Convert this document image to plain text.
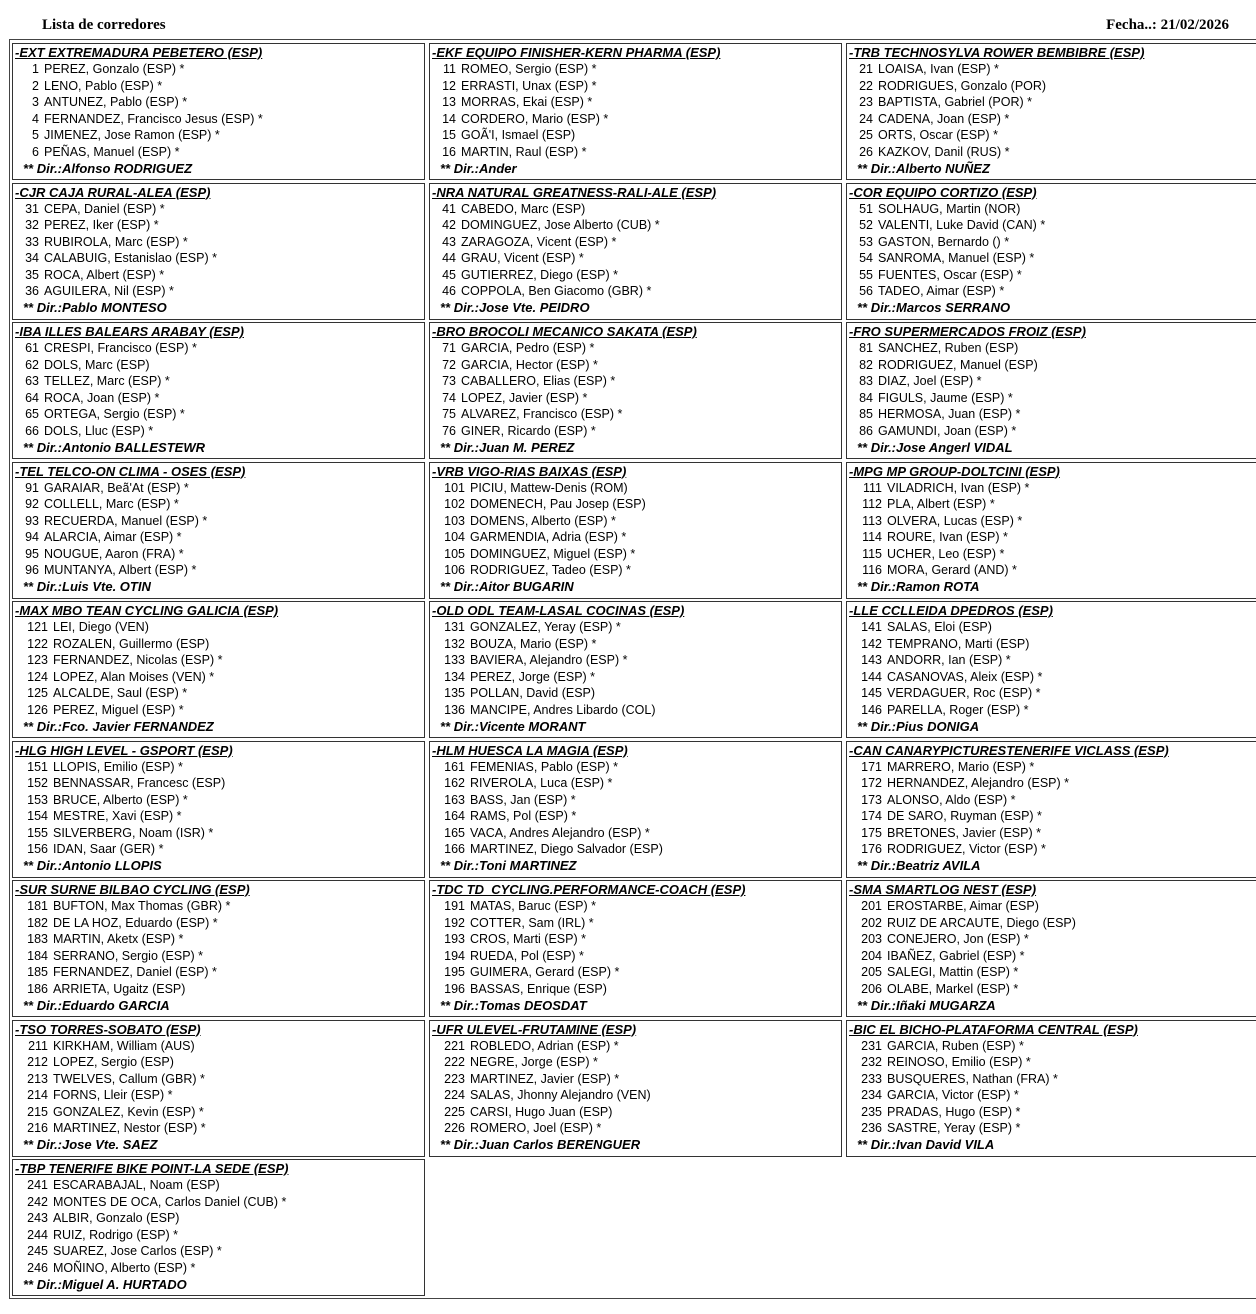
Lista de corredores	Fecha..: 21/02/2026
-EXT EXTREMADURA PEBETERO (ESP)
1 PEREZ, Gonzalo (ESP) *
2 LENO, Pablo (ESP) *
3 ANTUNEZ, Pablo (ESP) *
4 FERNANDEZ, Francisco Jesus (ESP) *
5 JIMENEZ, Jose Ramon (ESP) *
6 PEÑAS, Manuel (ESP) *
** Dir.:Alfonso RODRIGUEZ
-EKF EQUIPO FINISHER-KERN PHARMA (ESP)
11 ROMEO, Sergio (ESP) *
12 ERRASTI, Unax (ESP) *
13 MORRAS, Ekai (ESP) *
14 CORDERO, Mario (ESP) *
15 GOÃ'I, Ismael (ESP)
16 MARTIN, Raul (ESP) *
** Dir.:Ander
-TRB TECHNOSYLVA ROWER BEMBIBRE (ESP)
21 LOAISA, Ivan (ESP) *
22 RODRIGUES, Gonzalo (POR)
23 BAPTISTA, Gabriel (POR) *
24 CADENA, Joan (ESP) *
25 ORTS, Oscar (ESP) *
26 KAZKOV, Danil (RUS) *
** Dir.:Alberto NUÑEZ
-CJR CAJA RURAL-ALEA (ESP)
31 CEPA, Daniel (ESP) *
32 PEREZ, Iker (ESP) *
33 RUBIROLA, Marc (ESP) *
34 CALABUIG, Estanislao (ESP) *
35 ROCA, Albert (ESP) *
36 AGUILERA, Nil (ESP) *
** Dir.:Pablo MONTESO
-NRA NATURAL GREATNESS-RALI-ALE (ESP)
41 CABEDO, Marc (ESP)
42 DOMINGUEZ, Jose Alberto (CUB) *
43 ZARAGOZA, Vicent (ESP) *
44 GRAU, Vicent (ESP) *
45 GUTIERREZ, Diego (ESP) *
46 COPPOLA, Ben Giacomo (GBR) *
** Dir.:Jose Vte. PEIDRO
-COR EQUIPO CORTIZO (ESP)
51 SOLHAUG, Martin (NOR)
52 VALENTI, Luke David (CAN) *
53 GASTON, Bernardo () *
54 SANROMA, Manuel (ESP) *
55 FUENTES, Oscar (ESP) *
56 TADEO, Aimar (ESP) *
** Dir.:Marcos SERRANO
-IBA ILLES BALEARS ARABAY (ESP)
61 CRESPI, Francisco (ESP) *
62 DOLS, Marc (ESP)
63 TELLEZ, Marc (ESP) *
64 ROCA, Joan (ESP) *
65 ORTEGA, Sergio (ESP) *
66 DOLS, Lluc (ESP) *
** Dir.:Antonio BALLESTEWR
-BRO BROCOLI MECANICO SAKATA (ESP)
71 GARCIA, Pedro (ESP) *
72 GARCIA, Hector (ESP) *
73 CABALLERO, Elias (ESP) *
74 LOPEZ, Javier (ESP) *
75 ALVAREZ, Francisco (ESP) *
76 GINER, Ricardo (ESP) *
** Dir.:Juan M. PEREZ
-FRO SUPERMERCADOS FROIZ (ESP)
81 SANCHEZ, Ruben (ESP)
82 RODRIGUEZ, Manuel (ESP)
83 DIAZ, Joel (ESP) *
84 FIGULS, Jaume (ESP) *
85 HERMOSA, Juan (ESP) *
86 GAMUNDI, Joan (ESP) *
** Dir.:Jose Angerl VIDAL
-TEL TELCO-ON CLIMA - OSES (ESP)
91 GARAIAR, Beã'At (ESP) *
92 COLLELL, Marc (ESP) *
93 RECUERDA, Manuel (ESP) *
94 ALARCIA, Aimar (ESP) *
95 NOUGUE, Aaron (FRA) *
96 MUNTANYA, Albert (ESP) *
** Dir.:Luis Vte. OTIN
-VRB VIGO-RIAS BAIXAS (ESP)
101 PICIU, Mattew-Denis (ROM)
102 DOMENECH, Pau Josep (ESP)
103 DOMENS, Alberto (ESP) *
104 GARMENDIA, Adria (ESP) *
105 DOMINGUEZ, Miguel (ESP) *
106 RODRIGUEZ, Tadeo (ESP) *
** Dir.:Aitor BUGARIN
-MPG MP GROUP-DOLTCINI (ESP)
111 VILADRICH, Ivan (ESP) *
112 PLA, Albert (ESP) *
113 OLVERA, Lucas (ESP) *
114 ROURE, Ivan (ESP) *
115 UCHER, Leo (ESP) *
116 MORA, Gerard (AND) *
** Dir.:Ramon ROTA
-MAX MBO TEAN CYCLING GALICIA (ESP)
121 LEI, Diego (VEN)
122 ROZALEN, Guillermo (ESP)
123 FERNANDEZ, Nicolas (ESP) *
124 LOPEZ, Alan Moises (VEN) *
125 ALCALDE, Saul (ESP) *
126 PEREZ, Miguel (ESP) *
** Dir.:Fco. Javier FERNANDEZ
-OLD ODL TEAM-LASAL COCINAS (ESP)
131 GONZALEZ, Yeray (ESP) *
132 BOUZA, Mario (ESP) *
133 BAVIERA, Alejandro (ESP) *
134 PEREZ, Jorge (ESP) *
135 POLLAN, David (ESP)
136 MANCIPE, Andres Libardo (COL)
** Dir.:Vicente MORANT
-LLE CCLLEIDA DPEDROS (ESP)
141 SALAS, Eloi (ESP)
142 TEMPRANO, Marti (ESP)
143 ANDORR, Ian (ESP) *
144 CASANOVAS, Aleix (ESP) *
145 VERDAGUER, Roc (ESP) *
146 PARELLA, Roger (ESP) *
** Dir.:Pius DONIGA
-HLG HIGH LEVEL - GSPORT (ESP)
151 LLOPIS, Emilio (ESP) *
152 BENNASSAR, Francesc (ESP)
153 BRUCE, Alberto (ESP) *
154 MESTRE, Xavi (ESP) *
155 SILVERBERG, Noam (ISR) *
156 IDAN, Saar (GER) *
** Dir.:Antonio LLOPIS
-HLM HUESCA LA MAGIA (ESP)
161 FEMENIAS, Pablo (ESP) *
162 RIVEROLA, Luca (ESP) *
163 BASS, Jan (ESP) *
164 RAMS, Pol (ESP) *
165 VACA, Andres Alejandro (ESP) *
166 MARTINEZ, Diego Salvador (ESP)
** Dir.:Toni MARTINEZ
-CAN CANARYPICTURESTENERIFE VICLASS (ESP)
171 MARRERO, Mario (ESP) *
172 HERNANDEZ, Alejandro (ESP) *
173 ALONSO, Aldo (ESP) *
174 DE SARO, Ruyman (ESP) *
175 BRETONES, Javier (ESP) *
176 RODRIGUEZ, Victor (ESP) *
** Dir.:Beatriz AVILA
-SUR SURNE BILBAO CYCLING (ESP)
181 BUFTON, Max Thomas (GBR) *
182 DE LA HOZ, Eduardo (ESP) *
183 MARTIN, Aketx (ESP) *
184 SERRANO, Sergio (ESP) *
185 FERNANDEZ, Daniel (ESP) *
186 ARRIETA, Ugaitz (ESP)
** Dir.:Eduardo GARCIA
-TDC TD_CYCLING.PERFORMANCE-COACH (ESP)
191 MATAS, Baruc (ESP) *
192 COTTER, Sam (IRL) *
193 CROS, Marti (ESP) *
194 RUEDA, Pol (ESP) *
195 GUIMERA, Gerard (ESP) *
196 BASSAS, Enrique (ESP)
** Dir.:Tomas DEOSDAT
-SMA SMARTLOG NEST (ESP)
201 EROSTARBE, Aimar (ESP)
202 RUIZ DE ARCAUTE, Diego (ESP)
203 CONEJERO, Jon (ESP) *
204 IBAÑEZ, Gabriel (ESP) *
205 SALEGI, Mattin (ESP) *
206 OLABE, Markel (ESP) *
** Dir.:Iñaki MUGARZA
-TSO TORRES-SOBATO (ESP)
211 KIRKHAM, William (AUS)
212 LOPEZ, Sergio (ESP)
213 TWELVES, Callum (GBR) *
214 FORNS, Lleir (ESP) *
215 GONZALEZ, Kevin (ESP) *
216 MARTINEZ, Nestor (ESP) *
** Dir.:Jose Vte. SAEZ
-UFR ULEVEL-FRUTAMINE (ESP)
221 ROBLEDO, Adrian (ESP) *
222 NEGRE, Jorge (ESP) *
223 MARTINEZ, Javier (ESP) *
224 SALAS, Jhonny Alejandro (VEN)
225 CARSI, Hugo Juan (ESP)
226 ROMERO, Joel (ESP) *
** Dir.:Juan Carlos BERENGUER
-BIC EL BICHO-PLATAFORMA CENTRAL (ESP)
231 GARCIA, Ruben (ESP) *
232 REINOSO, Emilio (ESP) *
233 BUSQUERES, Nathan (FRA) *
234 GARCIA, Victor (ESP) *
235 PRADAS, Hugo (ESP) *
236 SASTRE, Yeray (ESP) *
** Dir.:Ivan David VILA
-TBP TENERIFE BIKE POINT-LA SEDE (ESP)
241 ESCARABAJAL, Noam (ESP)
242 MONTES DE OCA, Carlos Daniel (CUB) *
243 ALBIR, Gonzalo (ESP)
244 RUIZ, Rodrigo (ESP) *
245 SUAREZ, Jose Carlos (ESP) *
246 MOÑINO, Alberto (ESP) *
** Dir.:Miguel A. HURTADO
